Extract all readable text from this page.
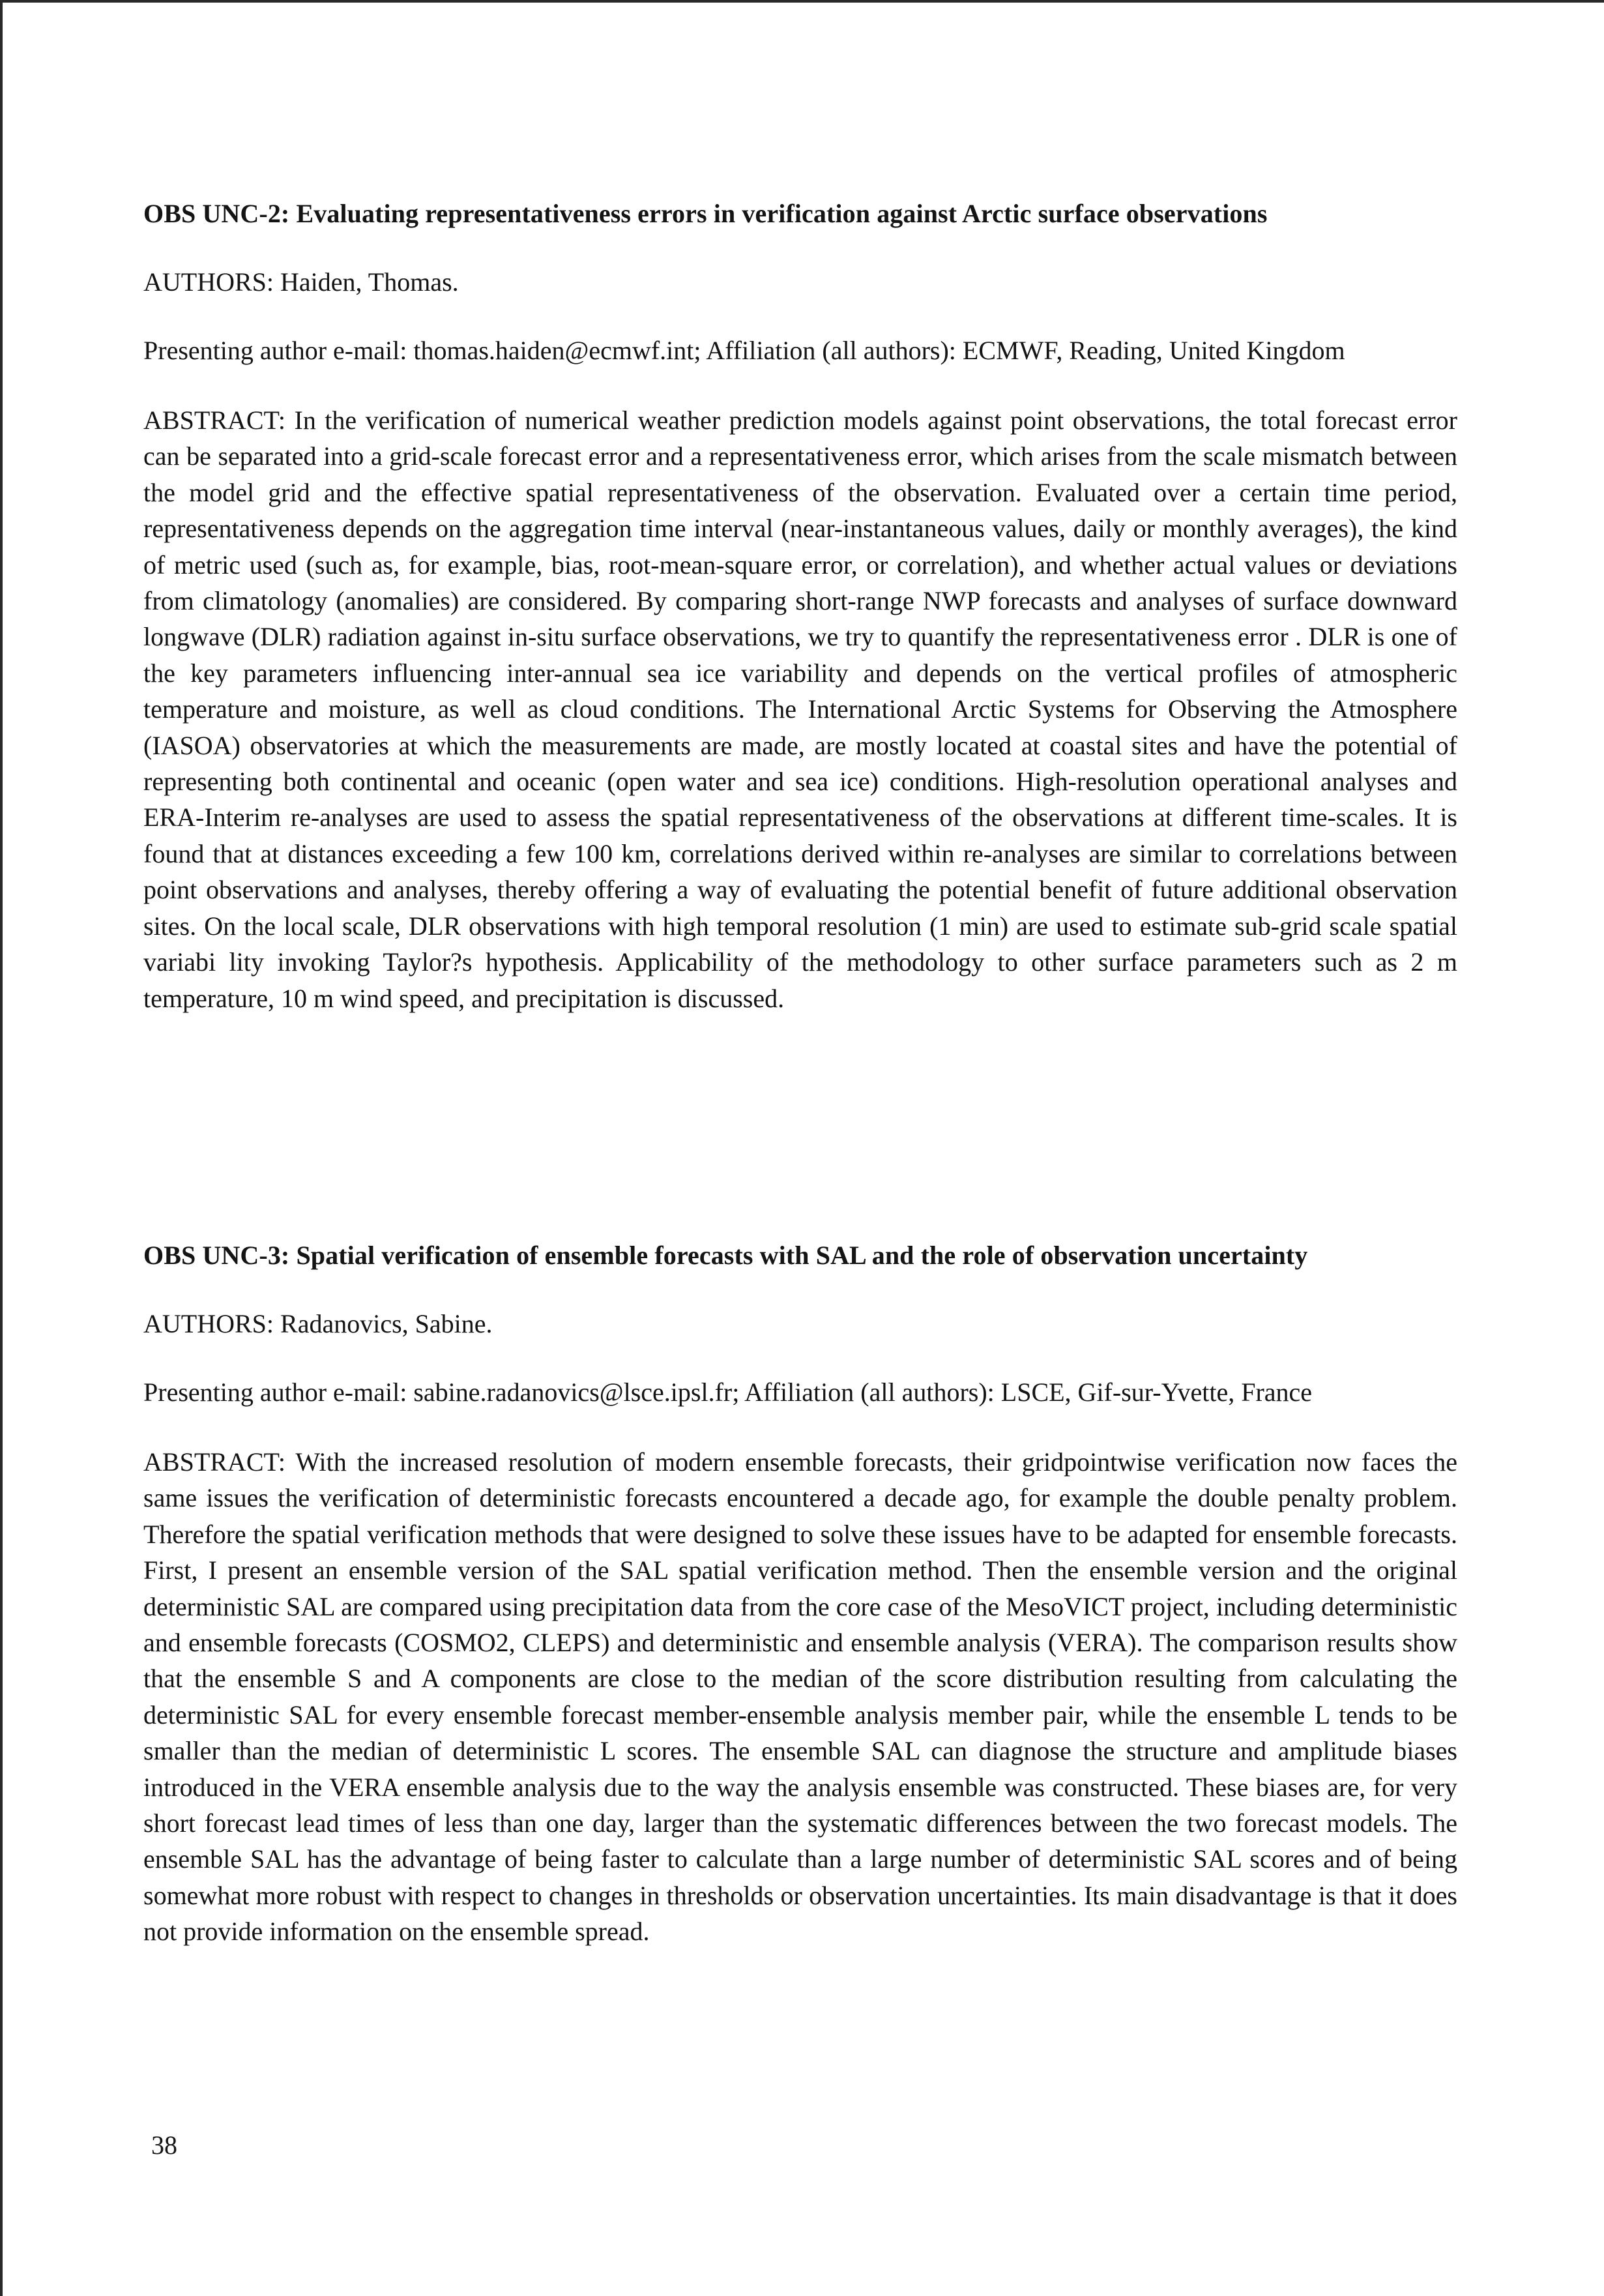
OBS UNC-2: Evaluating representativeness errors in verification against Arctic surface observations

AUTHORS: Haiden, Thomas.

Presenting author e-mail: thomas.haiden@ecmwf.int; Affiliation (all authors): ECMWF, Reading, United Kingdom

ABSTRACT: In the verification of numerical weather prediction models against point observations, the total forecast error can be separated into a grid-scale forecast error and a representativeness error, which arises from the scale mismatch between the model grid and the effective spatial representativeness of the observation. Evaluated over a certain time period, representativeness depends on the aggregation time interval (near-instantaneous values, daily or monthly averages), the kind of metric used (such as, for example, bias, root-mean-square error, or correlation), and whether actual values or deviations from climatology (anomalies) are considered. By comparing short-range NWP forecasts and analyses of surface downward longwave (DLR) radiation against in-situ surface observations, we try to quantify the representativeness error . DLR is one of the key parameters influencing inter-annual sea ice variability and depends on the vertical profiles of atmospheric temperature and moisture, as well as cloud conditions. The International Arctic Systems for Observing the Atmosphere (IASOA) observatories at which the measurements are made, are mostly located at coastal sites and have the potential of representing both continental and oceanic (open water and sea ice) conditions. High-resolution operational analyses and ERA-Interim re-analyses are used to assess the spatial representativeness of the observations at different time-scales. It is found that at distances exceeding a few 100 km, correlations derived within re-analyses are similar to correlations between point observations and analyses, thereby offering a way of evaluating the potential benefit of future additional observation sites. On the local scale, DLR observations with high temporal resolution (1 min) are used to estimate sub-grid scale spatial variabi lity invoking Taylor?s hypothesis. Applicability of the methodology to other surface parameters such as 2 m temperature, 10 m wind speed, and precipitation is discussed.

OBS UNC-3: Spatial verification of ensemble forecasts with SAL and the role of observation uncertainty

AUTHORS: Radanovics, Sabine.

Presenting author e-mail: sabine.radanovics@lsce.ipsl.fr; Affiliation (all authors): LSCE, Gif-sur-Yvette, France

ABSTRACT: With the increased resolution of modern ensemble forecasts, their gridpointwise verification now faces the same issues the verification of deterministic forecasts encountered a decade ago, for example the double penalty problem. Therefore the spatial verification methods that were designed to solve these issues have to be adapted for ensemble forecasts. First, I present an ensemble version of the SAL spatial verification method. Then the ensemble version and the original deterministic SAL are compared using precipitation data from the core case of the MesoVICT project, including deterministic and ensemble forecasts (COSMO2, CLEPS) and deterministic and ensemble analysis (VERA). The comparison results show that the ensemble S and A components are close to the median of the score distribution resulting from calculating the deterministic SAL for every ensemble forecast member-ensemble analysis member pair, while the ensemble L tends to be smaller than the median of deterministic L scores. The ensemble SAL can diagnose the structure and amplitude biases introduced in the VERA ensemble analysis due to the way the analysis ensemble was constructed. These biases are, for very short forecast lead times of less than one day, larger than the systematic differences between the two forecast models. The ensemble SAL has the advantage of being faster to calculate than a large number of deterministic SAL scores and of being somewhat more robust with respect to changes in thresholds or observation uncertainties. Its main disadvantage is that it does not provide information on the ensemble spread.

38
